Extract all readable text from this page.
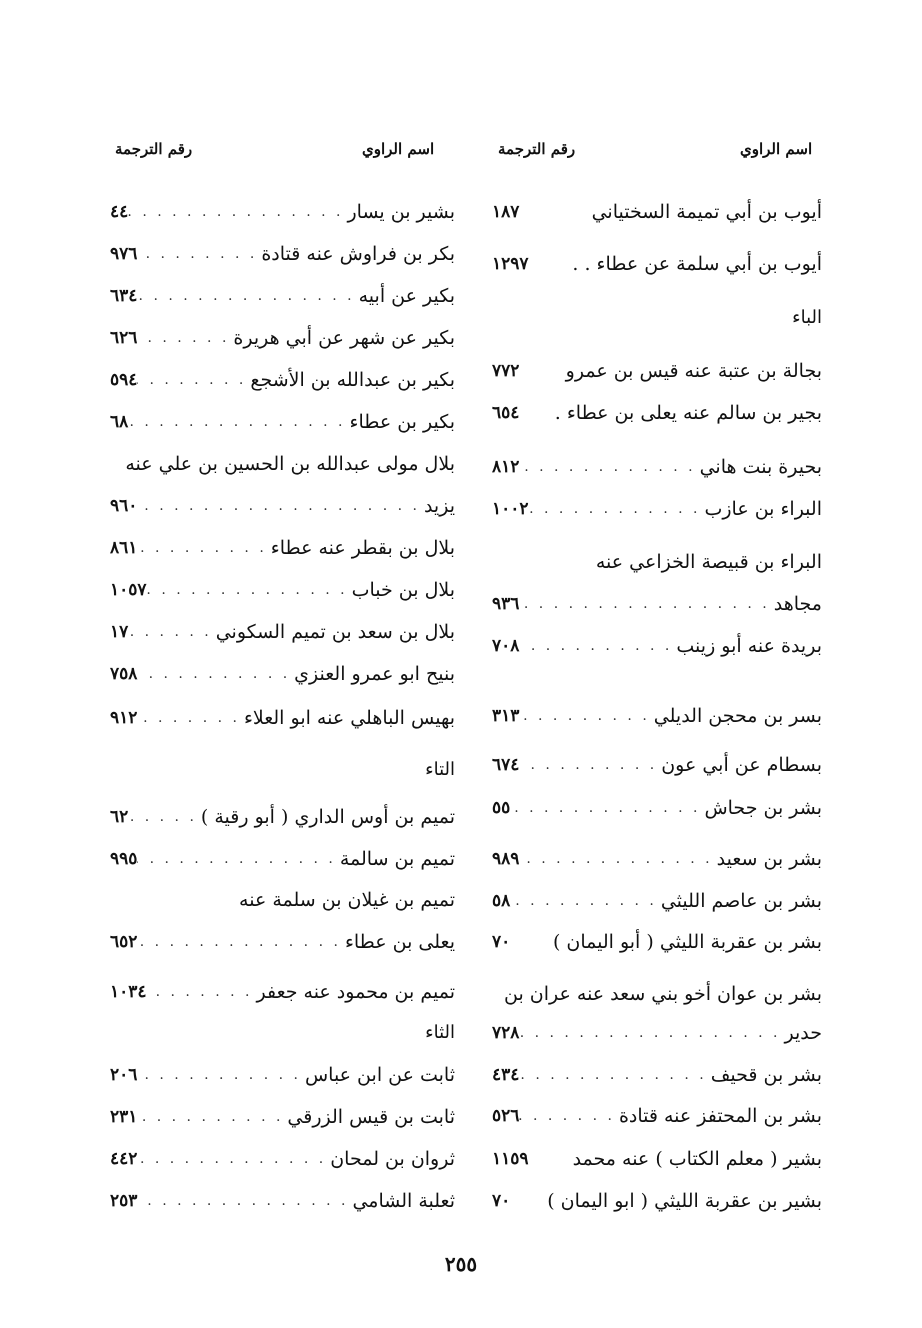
اسم الراوي
رقم الترجمة
اسم الراوي
رقم الترجمة
أيوب بن أبي تميمة السختياني
١٨٧
أيوب بن أبي سلمة عن عطاء . .
١٢٩٧
الباء
بجالة بن عتبة عنه قيس بن عمرو
٧٧٢
بجير بن سالم عنه يعلى بن عطاء .
٦٥٤
بحيرة بنت هاني
. . .
٨١٢
البراء بن عازب
. . .
١٠٠٢
البراء بن قبيصة الخزاعي عنه
مجاهد
. . .
٩٣٦
بريدة عنه أبو زينب
. . .
٧٠٨
بسر بن محجن الديلي
. . .
٣١٣
بسطام عن أبي عون
. . .
٦٧٤
بشر بن جحاش
. . .
٥٥
بشر بن سعيد
. . .
٩٨٩
بشر بن عاصم الليثي
. . .
٥٨
بشر بن عقربة الليثي ( أبو اليمان )
٧٠
بشر بن عوان أخو بني سعد عنه عران بن
حدير
. . .
٧٢٨
بشر بن قحيف
. . .
٤٣٤
بشر بن المحتفز عنه قتادة
. . .
٥٢٦
بشير ( معلم الكتاب ) عنه محمد
١١٥٩
بشير بن عقربة الليثي ( ابو اليمان )
٧٠
بشير بن يسار
. . .
٤٤
بكر بن فراوش عنه قتادة
. . .
٩٧٦
بكير عن أبيه
. . .
٦٣٤
بكير عن شهر عن أبي هريرة
. . .
٦٢٦
بكير بن عبدالله بن الأشجع
. . .
٥٩٤
بكير بن عطاء
. . .
٦٨
بلال مولى عبدالله بن الحسين بن علي عنه
يزيد
. . .
٩٦٠
بلال بن بقطر عنه عطاء
. . .
٨٦١
بلال بن خباب
. . .
١٠٥٧
بلال بن سعد بن تميم السكوني
. . .
١٧
بنيح ابو عمرو العنزي
. . .
٧٥٨
بهيس الباهلي عنه ابو العلاء
. . .
٩١٢
التاء
تميم بن أوس الداري ( أبو رقية )
. . .
٦٢
تميم بن سالمة
. . .
٩٩٥
تميم بن غيلان بن سلمة عنه
يعلى بن عطاء
. . .
٦٥٢
تميم بن محمود عنه جعفر
. . .
١٠٣٤
الثاء
ثابت عن ابن عباس
. . .
٢٠٦
ثابت بن قيس الزرقي
. . .
٢٣١
ثروان بن لمحان
. . .
٤٤٢
ثعلبة الشامي
. . .
٢٥٣
٢٥٥
